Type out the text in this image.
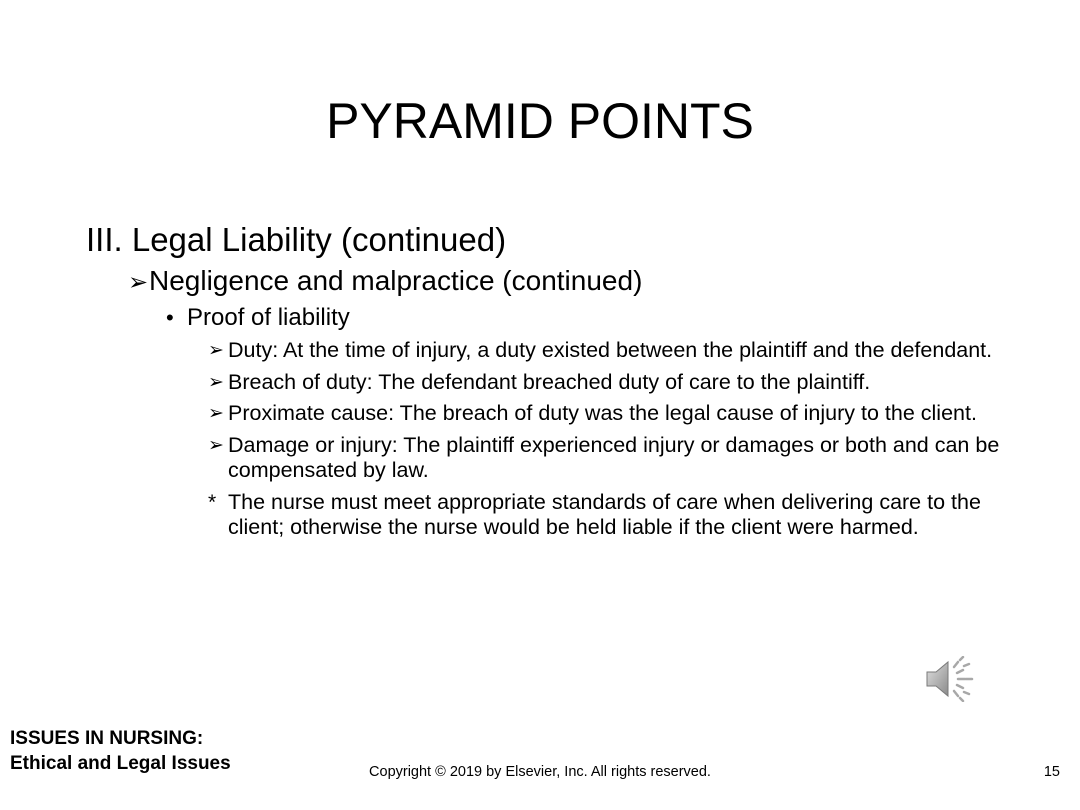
PYRAMID POINTS
III. Legal Liability (continued)
➢ Negligence and malpractice (continued)
• Proof of liability
➢ Duty: At the time of injury, a duty existed between the plaintiff and the defendant.
➢ Breach of duty: The defendant breached duty of care to the plaintiff.
➢ Proximate cause: The breach of duty was the legal cause of injury to the client.
➢ Damage or injury: The plaintiff experienced injury or damages or both and can be compensated by law.
* The nurse must meet appropriate standards of care when delivering care to the client; otherwise the nurse would be held liable if the client were harmed.
ISSUES IN NURSING:
Ethical and Legal Issues	Copyright © 2019 by Elsevier, Inc. All rights reserved.	15
